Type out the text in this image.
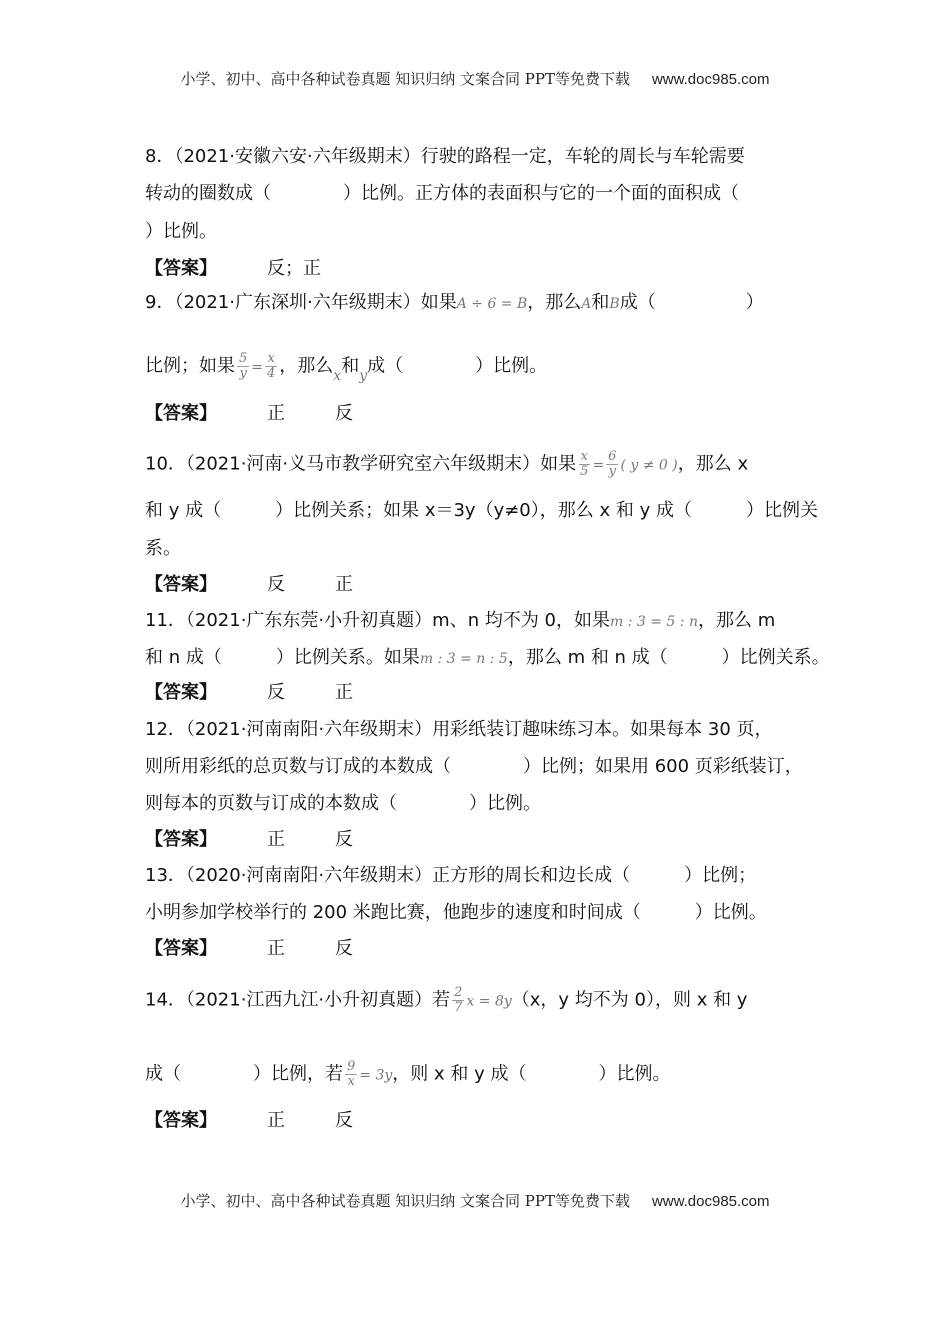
小学、初中、高中各种试卷真题 知识归纳 文案合同 PPT等免费下载 www.doc985.com
8．（2021·安徽六安·六年级期末）行驶的路程一定，车轮的周长与车轮需要
转动的圈数成（　　　　）比例。正方体的表面积与它的一个面的面积成（
）比例。
【答案】	反；正
9．（2021·广东深圳·六年级期末）如果A ÷ 6 = B，那么A和B成（　　　　　）
比例；如果 $\frac{5}{y} = \frac{x}{4}$ ，那么$_x$和$_y$成（　　　　）比例。
【答案】	正	反
10．（2021·河南·义马市教学研究室六年级期末）如果 $\frac{x}{5} = \frac{6}{y}$ ( y ≠ 0 )，那么 x
和 y 成（　　　）比例关系；如果 x＝3y（y≠0），那么 x 和 y 成（　　　）比例关
系。
【答案】	反	正
11．（2021·广东东莞·小升初真题）m、n 均不为 0，如果m : 3 = 5 : n，那么 m
和 n 成（　　　）比例关系。如果m : 3 = n : 5，那么 m 和 n 成（　　　）比例关系。
【答案】	反	正
12．（2021·河南南阳·六年级期末）用彩纸装订趣味练习本。如果每本 30 页，
则所用彩纸的总页数与订成的本数成（　　　　）比例；如果用 600 页彩纸装订，
则每本的页数与订成的本数成（　　　　）比例。
【答案】	正	反
13．（2020·河南南阳·六年级期末）正方形的周长和边长成（　　　）比例；
小明参加学校举行的 200 米跑比赛，他跑步的速度和时间成（　　　）比例。
【答案】	正	反
14．（2021·江西九江·小升初真题）若 $\frac{2}{7}$ x = 8y（x，y 均不为 0），则 x 和 y
成（　　　　）比例，若 $\frac{9}{x} = 3y$，则 x 和 y 成（　　　　）比例。
【答案】	正	反
小学、初中、高中各种试卷真题 知识归纳 文案合同 PPT等免费下载 www.doc985.com
